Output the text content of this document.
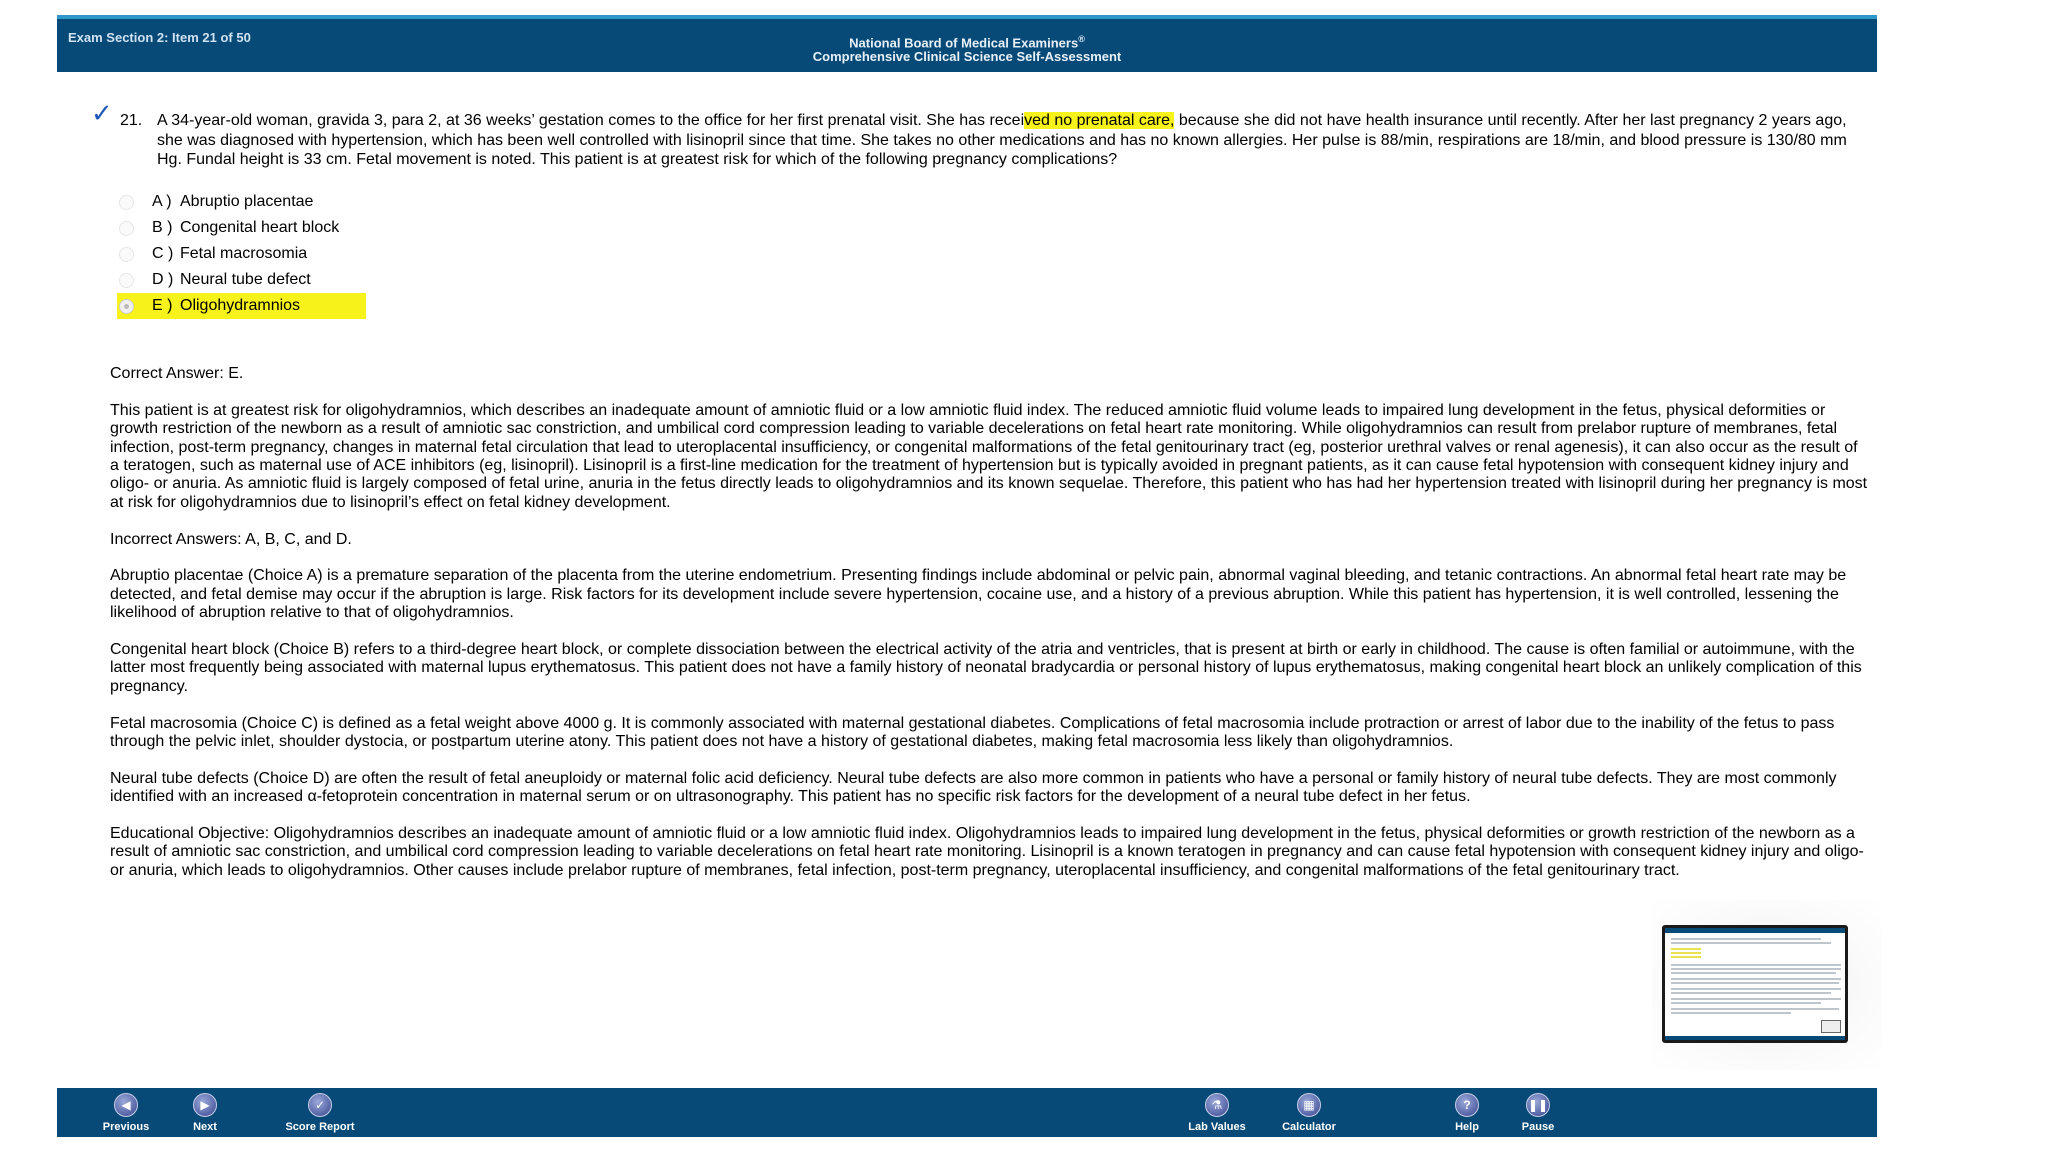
Exam Section 2: Item 21 of 50	National Board of Medical Examiners®
Comprehensive Clinical Science Self-Assessment
✓ 21. A 34-year-old woman, gravida 3, para 2, at 36 weeks’ gestation comes to the office for her first prenatal visit. She has received no prenatal care, because she did not have health insurance until recently. After her last pregnancy 2 years ago, she was diagnosed with hypertension, which has been well controlled with lisinopril since that time. She takes no other medications and has no known allergies. Her pulse is 88/min, respirations are 18/min, and blood pressure is 130/80 mm Hg. Fundal height is 33 cm. Fetal movement is noted. This patient is at greatest risk for which of the following pregnancy complications?

A ) Abruptio placentae
B ) Congenital heart block
C ) Fetal macrosomia
D ) Neural tube defect
E ) Oligohydramnios

Correct Answer: E.

This patient is at greatest risk for oligohydramnios, which describes an inadequate amount of amniotic fluid or a low amniotic fluid index. The reduced amniotic fluid volume leads to impaired lung development in the fetus, physical deformities or growth restriction of the newborn as a result of amniotic sac constriction, and umbilical cord compression leading to variable decelerations on fetal heart rate monitoring. While oligohydramnios can result from prelabor rupture of membranes, fetal infection, post-term pregnancy, changes in maternal fetal circulation that lead to uteroplacental insufficiency, or congenital malformations of the fetal genitourinary tract (eg, posterior urethral valves or renal agenesis), it can also occur as the result of a teratogen, such as maternal use of ACE inhibitors (eg, lisinopril). Lisinopril is a first-line medication for the treatment of hypertension but is typically avoided in pregnant patients, as it can cause fetal hypotension with consequent kidney injury and oligo- or anuria. As amniotic fluid is largely composed of fetal urine, anuria in the fetus directly leads to oligohydramnios and its known sequelae. Therefore, this patient who has had her hypertension treated with lisinopril during her pregnancy is most at risk for oligohydramnios due to lisinopril’s effect on fetal kidney development.

Incorrect Answers: A, B, C, and D.

Abruptio placentae (Choice A) is a premature separation of the placenta from the uterine endometrium. Presenting findings include abdominal or pelvic pain, abnormal vaginal bleeding, and tetanic contractions. An abnormal fetal heart rate may be detected, and fetal demise may occur if the abruption is large. Risk factors for its development include severe hypertension, cocaine use, and a history of a previous abruption. While this patient has hypertension, it is well controlled, lessening the likelihood of abruption relative to that of oligohydramnios.

Congenital heart block (Choice B) refers to a third-degree heart block, or complete dissociation between the electrical activity of the atria and ventricles, that is present at birth or early in childhood. The cause is often familial or autoimmune, with the latter most frequently being associated with maternal lupus erythematosus. This patient does not have a family history of neonatal bradycardia or personal history of lupus erythematosus, making congenital heart block an unlikely complication of this pregnancy.

Fetal macrosomia (Choice C) is defined as a fetal weight above 4000 g. It is commonly associated with maternal gestational diabetes. Complications of fetal macrosomia include protraction or arrest of labor due to the inability of the fetus to pass through the pelvic inlet, shoulder dystocia, or postpartum uterine atony. This patient does not have a history of gestational diabetes, making fetal macrosomia less likely than oligohydramnios.

Neural tube defects (Choice D) are often the result of fetal aneuploidy or maternal folic acid deficiency. Neural tube defects are also more common in patients who have a personal or family history of neural tube defects. They are most commonly identified with an increased α-fetoprotein concentration in maternal serum or on ultrasonography. This patient has no specific risk factors for the development of a neural tube defect in her fetus.

Educational Objective: Oligohydramnios describes an inadequate amount of amniotic fluid or a low amniotic fluid index. Oligohydramnios leads to impaired lung development in the fetus, physical deformities or growth restriction of the newborn as a result of amniotic sac constriction, and umbilical cord compression leading to variable decelerations on fetal heart rate monitoring. Lisinopril is a known teratogen in pregnancy and can cause fetal hypotension with consequent kidney injury and oligo- or anuria, which leads to oligohydramnios. Other causes include prelabor rupture of membranes, fetal infection, post-term pregnancy, uteroplacental insufficiency, and congenital malformations of the fetal genitourinary tract.

◀
Previous
▶
Next
✓
Score Report
⚗
Lab Values
▦
Calculator
?
Help
❚❚
Pause
